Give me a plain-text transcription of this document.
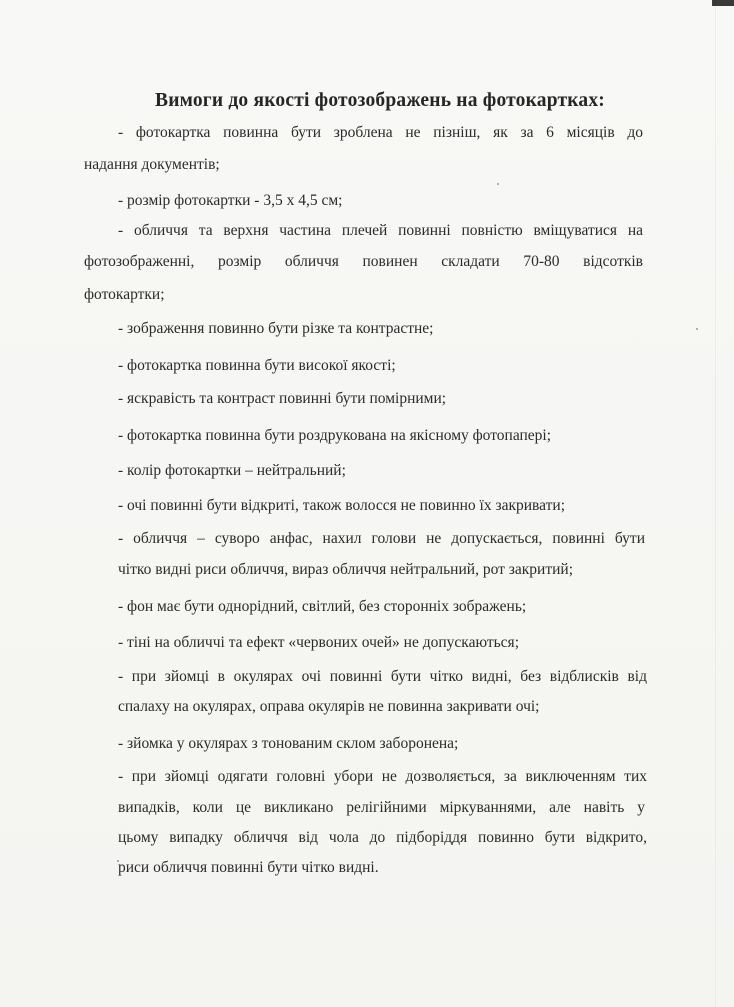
Вимоги до якості фотозображень на фотокартках:
- фотокартка повинна бути зроблена не пізніш, як за 6 місяців до
надання документів;
- розмір фотокартки - 3,5 х 4,5 см;
- обличчя та верхня частина плечей повинні повністю вміщуватися на
фотозображенні, розмір обличчя повинен складати 70-80 відсотків
фотокартки;
- зображення повинно бути різке та контрастне;
- фотокартка повинна бути високої якості;
- яскравість та контраст повинні бути помірними;
- фотокартка повинна бути роздрукована на якісному фотопапері;
- колір фотокартки – нейтральний;
- очі повинні бути відкриті, також волосся не повинно їх закривати;
- обличчя – суворо анфас, нахил голови не допускається, повинні бути
чітко видні риси обличчя, вираз обличчя нейтральний, рот закритий;
- фон має бути однорідний, світлий, без сторонніх зображень;
- тіні на обличчі та ефект «червоних очей» не допускаються;
- при зйомці в окулярах очі повинні бути чітко видні, без відблисків від
спалаху на окулярах, оправа окулярів не повинна закривати очі;
- зйомка у окулярах з тонованим склом заборонена;
- при зйомці одягати головні убори не дозволяється, за виключенням тих
випадків, коли це викликано релігійними міркуваннями, але навіть у
цьому випадку обличчя від чола до підборіддя повинно бути відкрито,
риси обличчя повинні бути чітко видні.
